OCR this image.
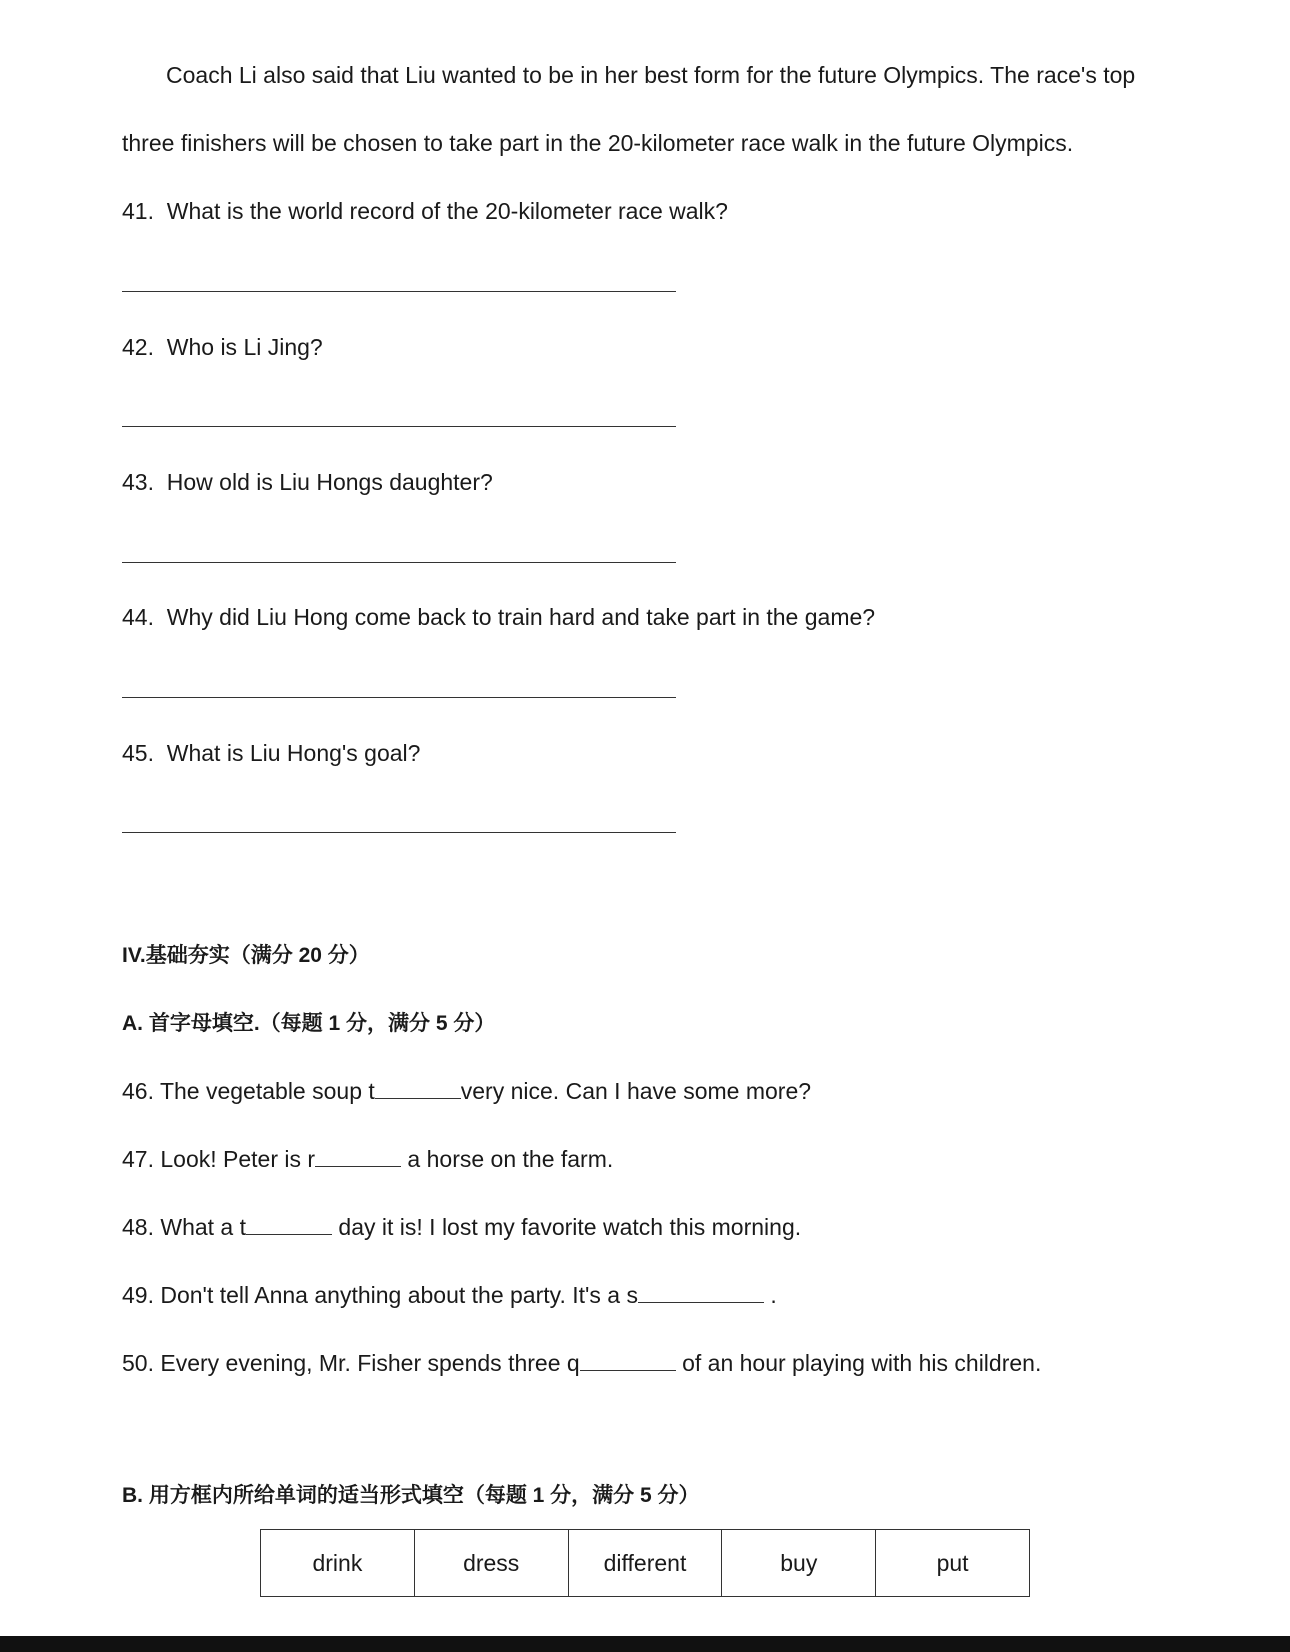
Coach Li also said that Liu wanted to be in her best form for the future Olympics. The race's top
three finishers will be chosen to take part in the 20-kilometer race walk in the future Olympics.
41. What is the world record of the 20-kilometer race walk?
42. Who is Li Jing?
43. How old is Liu Hongs daughter?
44. Why did Liu Hong come back to train hard and take part in the game?
45. What is Liu Hong's goal?
IV.基础夯实（满分 20 分）
A. 首字母填空.（每题 1 分，满分 5 分）
46. The vegetable soup t	very nice. Can I have some more?
47. Look! Peter is r	a horse on the farm.
48. What a t	day it is! I lost my favorite watch this morning.
49. Don't tell Anna anything about the party. It's a s	.
50. Every evening, Mr. Fisher spends three q	of an hour playing with his children.
B. 用方框内所给单词的适当形式填空（每题 1 分，满分 5 分）
drink	dress	different	buy	put
